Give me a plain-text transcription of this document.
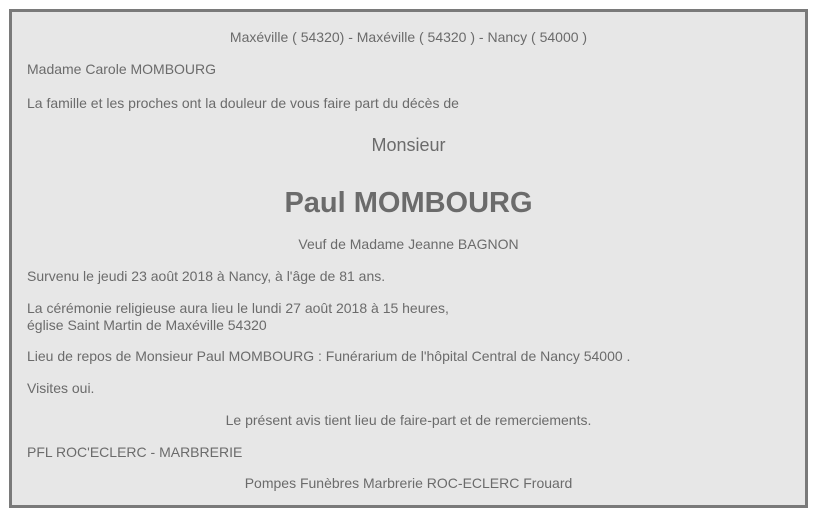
Maxéville ( 54320) - Maxéville ( 54320 ) - Nancy ( 54000 )
Madame Carole MOMBOURG
La famille et les proches ont la douleur de vous faire part du décès de
Monsieur
Paul MOMBOURG
Veuf de Madame Jeanne BAGNON
Survenu le jeudi 23 août 2018 à Nancy, à l'âge de 81 ans.
La cérémonie religieuse aura lieu le lundi 27 août 2018 à 15 heures,
église Saint Martin de Maxéville 54320
Lieu de repos de Monsieur Paul MOMBOURG : Funérarium de l'hôpital Central de Nancy 54000 .
Visites oui.
Le présent avis tient lieu de faire-part et de remerciements.
PFL ROC'ECLERC - MARBRERIE
Pompes Funèbres Marbrerie ROC-ECLERC Frouard
